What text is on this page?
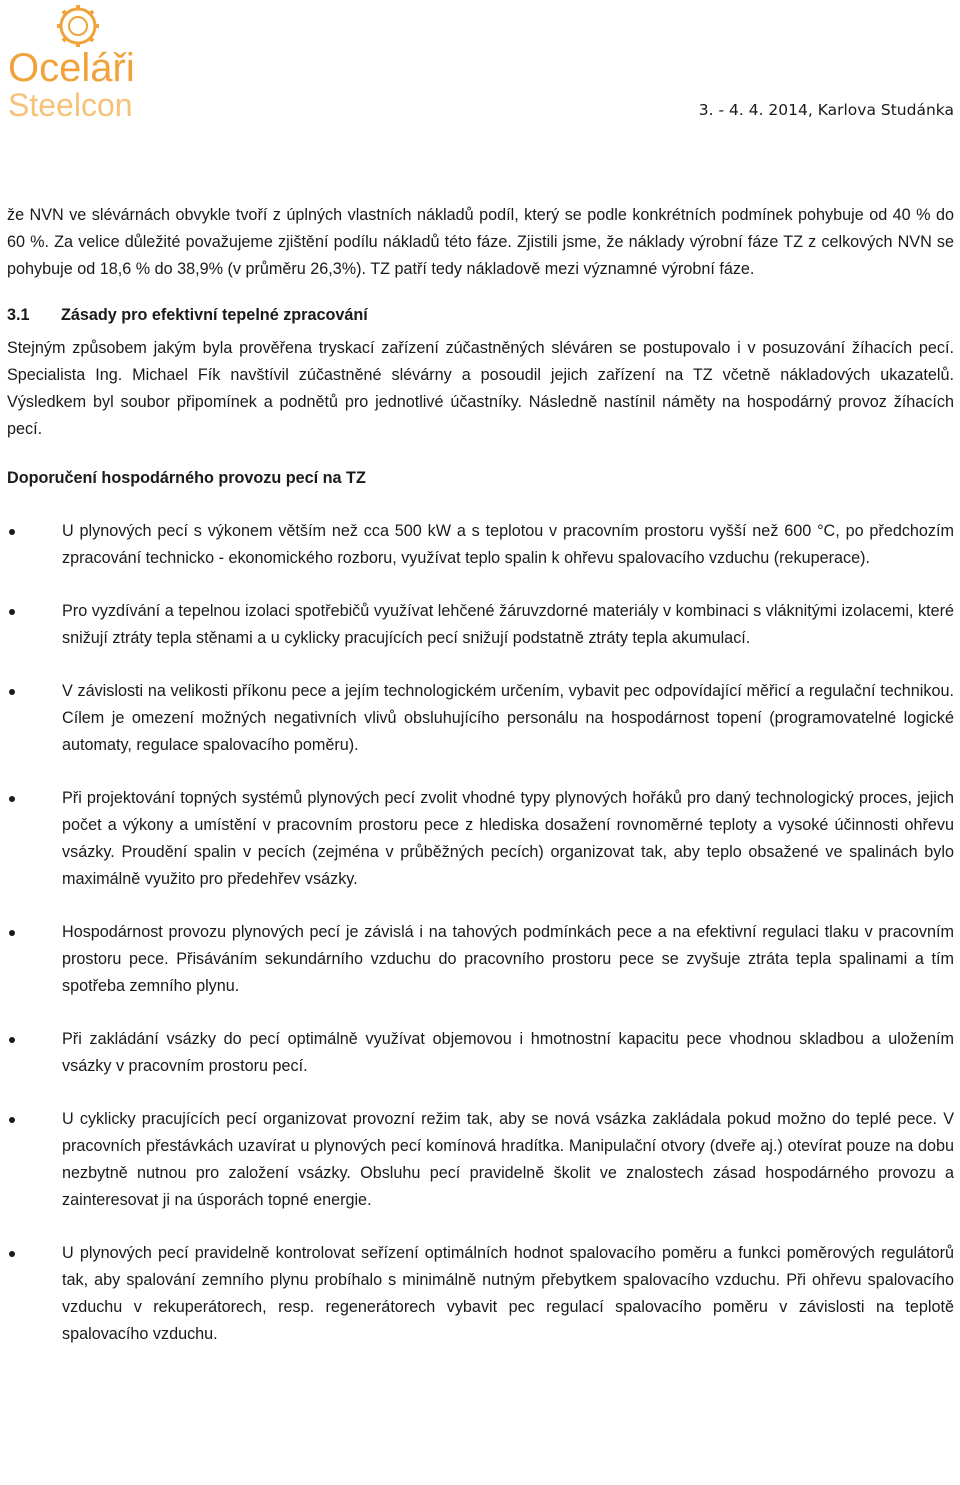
Oceláři
Steelcon	3. - 4. 4. 2014, Karlova Studánka

že NVN ve slévárnách obvykle tvoří z úplných vlastních nákladů podíl, který se podle konkrétních podmínek pohybuje od 40 % do 60 %. Za velice důležité považujeme zjištění podílu nákladů této fáze. Zjistili jsme, že náklady výrobní fáze TZ z celkových NVN se pohybuje od 18,6 % do 38,9% (v průměru 26,3%). TZ patří tedy nákladově mezi významné výrobní fáze.

3.1 Zásady pro efektivní tepelné zpracování

Stejným způsobem jakým byla prověřena tryskací zařízení zúčastněných sléváren se postupovalo i v posuzování žíhacích pecí. Specialista Ing. Michael Fík navštívil zúčastněné slévárny a posoudil jejich zařízení na TZ včetně nákladových ukazatelů. Výsledkem byl soubor připomínek a podnětů pro jednotlivé účastníky. Následně nastínil náměty na hospodárný provoz žíhacích pecí.

Doporučení hospodárného provozu pecí na TZ
U plynových pecí s výkonem větším než cca 500 kW a s teplotou v pracovním prostoru vyšší než 600 °C, po předchozím zpracování technicko - ekonomického rozboru, využívat teplo spalin k ohřevu spalovacího vzduchu (rekuperace).
Pro vyzdívání a tepelnou izolaci spotřebičů využívat lehčené žáruvzdorné materiály v kombinaci s vláknitými izolacemi, které snižují ztráty tepla stěnami a u cyklicky pracujících pecí snižují podstatně ztráty tepla akumulací.
V závislosti na velikosti příkonu pece a jejím technologickém určením, vybavit pec odpovídající měřicí a regulační technikou. Cílem je omezení možných negativních vlivů obsluhujícího personálu na hospodárnost topení (programovatelné logické automaty, regulace spalovacího poměru).
Při projektování topných systémů plynových pecí zvolit vhodné typy plynových hořáků pro daný technologický proces, jejich počet a výkony a umístění v pracovním prostoru pece z hlediska dosažení rovnoměrné teploty a vysoké účinnosti ohřevu vsázky. Proudění spalin v pecích (zejména v průběžných pecích) organizovat tak, aby teplo obsažené ve spalinách bylo maximálně využito pro předehřev vsázky.
Hospodárnost provozu plynových pecí je závislá i na tahových podmínkách pece a na efektivní regulaci tlaku v pracovním prostoru pece. Přisáváním sekundárního vzduchu do pracovního prostoru pece se zvyšuje ztráta tepla spalinami a tím spotřeba zemního plynu.
Při zakládání vsázky do pecí optimálně využívat objemovou i hmotnostní kapacitu pece vhodnou skladbou a uložením vsázky v pracovním prostoru pecí.
U cyklicky pracujících pecí organizovat provozní režim tak, aby se nová vsázka zakládala pokud možno do teplé pece. V pracovních přestávkách uzavírat u plynových pecí komínová hradítka. Manipulační otvory (dveře aj.) otevírat pouze na dobu nezbytně nutnou pro založení vsázky. Obsluhu pecí pravidelně školit ve znalostech zásad hospodárného provozu a zainteresovat ji na úsporách topné energie.
U plynových pecí pravidelně kontrolovat seřízení optimálních hodnot spalovacího poměru a funkci poměrových regulátorů tak, aby spalování zemního plynu probíhalo s minimálně nutným přebytkem spalovacího vzduchu. Při ohřevu spalovacího vzduchu v rekuperátorech, resp. regenerátorech vybavit pec regulací spalovacího poměru v závislosti na teplotě spalovacího vzduchu.
